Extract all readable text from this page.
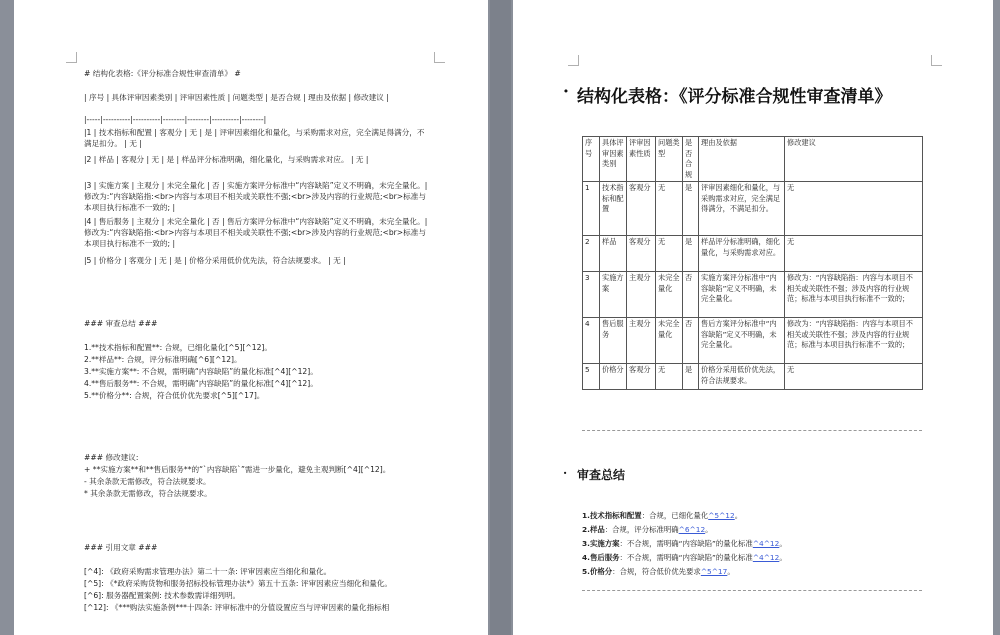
# 结构化表格:《评分标准合规性审查清单》 #
| 序号 | 具体评审因素类别 | 评审因素性质 | 问题类型 | 是否合规 | 理由及依据 | 修改建议 |
|-----|----------|----------|--------|--------|----------|--------|
|1 | 技术指标和配置 | 客观分 | 无 | 是 | 评审因素细化和量化，与采购需求对应，完全满足得满分，不满足扣分。 | 无 |
|2 | 样品 | 客观分 | 无 | 是 | 样品评分标准明确，细化量化，与采购需求对应。 | 无 |
|3 | 实施方案 | 主观分 | 未完全量化 | 否 | 实施方案评分标准中“内容缺陷”定义不明确，未完全量化。| 修改为:“内容缺陷指:<br>内容与本项目不相关或关联性不强;<br>涉及内容的行业规范;<br>标准与本项目执行标准不一致的; |
|4 | 售后服务 | 主观分 | 未完全量化 | 否 | 售后方案评分标准中“内容缺陷”定义不明确，未完全量化。| 修改为:“内容缺陷指:<br>内容与本项目不相关或关联性不强;<br>涉及内容的行业规范;<br>标准与本项目执行标准不一致的; |
|5 | 价格分 | 客观分 | 无 | 是 | 价格分采用低价优先法，符合法规要求。 | 无 |
### 审查总结 ###
1.**技术指标和配置**: 合规，已细化量化[^5][^12]。
2.**样品**: 合规，评分标准明确[^6][^12]。
3.**实施方案**: 不合规，需明确“内容缺陷”的量化标准[^4][^12]。
4.**售后服务**: 不合规，需明确“内容缺陷”的量化标准[^4][^12]。
5.**价格分**: 合规，符合低价优先要求[^5][^17]。
### 修改建议:
+ **实施方案**和**售后服务**的“`内容缺陷`”需进一步量化，避免主观判断[^4][^12]。
- 其余条款无需修改，符合法规要求。
* 其余条款无需修改，符合法规要求。
### 引用文章 ###
[^4]: 《政府采购需求管理办法》第二十一条: 评审因素应当细化和量化。
[^5]: 《*政府采购货物和服务招标投标管理办法*》第五十五条: 评审因素应当细化和量化。
[^6]: 服务器配置案例: 技术参数需详细列明。
[^12]: 《***购法实施条例***十四条: 评审标准中的分值设置应当与评审因素的量化指标相
· 结构化表格：《评分标准合规性审查清单》
序号	具体评审因素类别	评审因素性质	问题类型	是否合规	理由及依据	修改建议
1	技术指标和配置	客观分	无	是	评审因素细化和量化，与采购需求对应，完全满足得满分，不满足扣分。	无
2	样品	客观分	无	是	样品评分标准明确，细化量化，与采购需求对应。	无
3	实施方案	主观分	未完全量化	否	实施方案评分标准中“内容缺陷”定义不明确，未完全量化。	修改为：“内容缺陷指：内容与本项目不相关或关联性不强；涉及内容的行业规范；标准与本项目执行标准不一致的；
4	售后服务	主观分	未完全量化	否	售后方案评分标准中“内容缺陷”定义不明确，未完全量化。	修改为：“内容缺陷指：内容与本项目不相关或关联性不强；涉及内容的行业规范；标准与本项目执行标准不一致的；
5	价格分	客观分	无	是	价格分采用低价优先法，符合法规要求。	无
· 审查总结
1.技术指标和配置：合规，已细化量化^5^12。
2.样品：合规，评分标准明确^6^12。
3.实施方案：不合规，需明确“内容缺陷”的量化标准^4^12。
4.售后服务：不合规，需明确“内容缺陷”的量化标准^4^12。
5.价格分：合规，符合低价优先要求^5^17。
